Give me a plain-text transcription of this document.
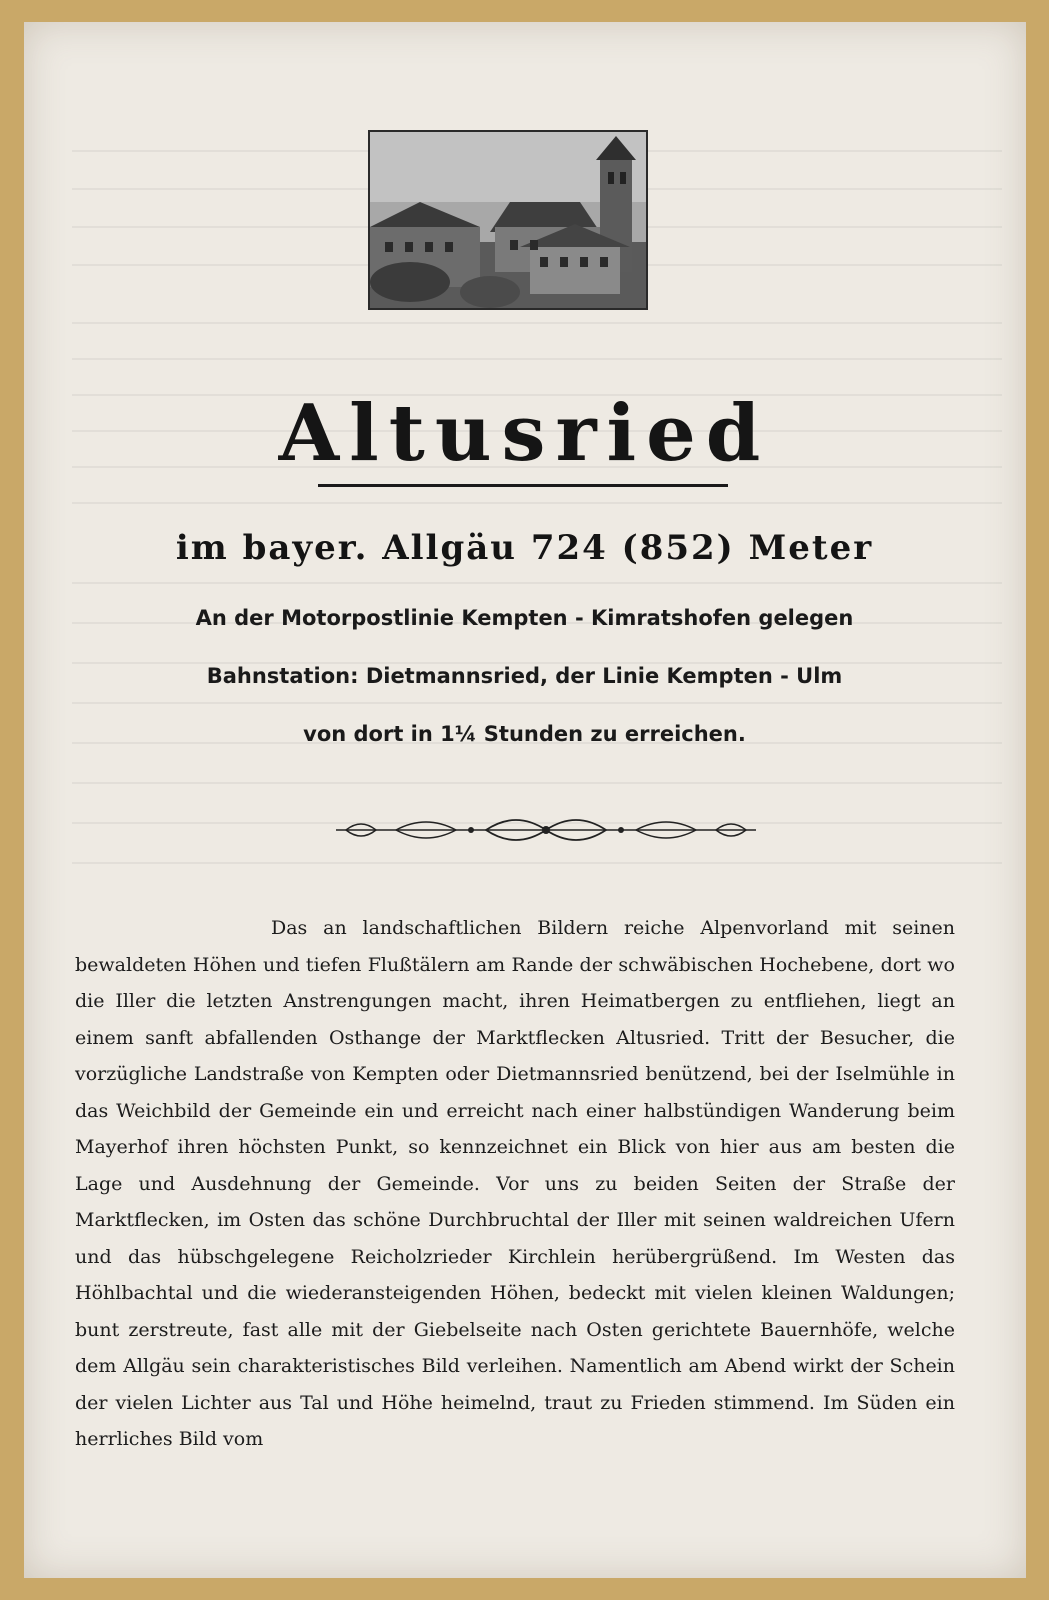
Altusried
im bayer. Allgäu 724 (852) Meter
An der Motorpostlinie Kempten - Kimratshofen gelegen
Bahnstation: Dietmannsried, der Linie Kempten - Ulm
von dort in 1¼ Stunden zu erreichen.
Das an landschaftlichen Bildern reiche Alpenvorland mit seinen bewaldeten Höhen und tiefen Flußtälern am Rande der schwäbischen Hochebene, dort wo die Iller die letzten Anstrengungen macht, ihren Heimatbergen zu entfliehen, liegt an einem sanft abfallenden Osthange der Marktflecken Altusried. Tritt der Besucher, die vorzügliche Landstraße von Kempten oder Dietmannsried benützend, bei der Iselmühle in das Weichbild der Gemeinde ein und erreicht nach einer halbstündigen Wanderung beim Mayerhof ihren höchsten Punkt, so kennzeichnet ein Blick von hier aus am besten die Lage und Ausdehnung der Gemeinde. Vor uns zu beiden Seiten der Straße der Marktflecken, im Osten das schöne Durchbruchtal der Iller mit seinen waldreichen Ufern und das hübschgelegene Reicholzrieder Kirchlein herübergrüßend. Im Westen das Höhlbachtal und die wiederansteigenden Höhen, bedeckt mit vielen kleinen Waldungen; bunt zerstreute, fast alle mit der Giebelseite nach Osten gerichtete Bauernhöfe, welche dem Allgäu sein charakteristisches Bild verleihen. Namentlich am Abend wirkt der Schein der vielen Lichter aus Tal und Höhe heimelnd, traut zu Frieden stimmend. Im Süden ein herrliches Bild vom
